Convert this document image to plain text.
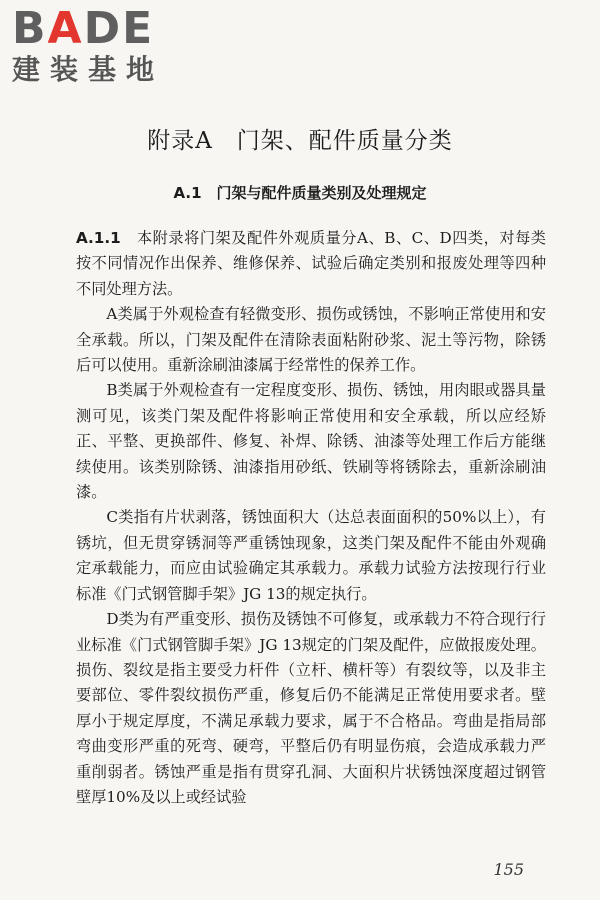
BADE
建装基地
附录A　门架、配件质量分类
A.1　门架与配件质量类别及处理规定

A.1.1　 本附录将门架及配件外观质量分A、B、C、D四类，对每类按不同情况作出保养、维修保养、试验后确定类别和报废处理等四种不同处理方法。

A类属于外观检查有轻微变形、损伤或锈蚀，不影响正常使用和安全承载。所以，门架及配件在清除表面粘附砂浆、泥土等污物，除锈后可以使用。重新涂刷油漆属于经常性的保养工作。

B类属于外观检查有一定程度变形、损伤、锈蚀，用肉眼或器具量测可见，该类门架及配件将影响正常使用和安全承载，所以应经矫正、平整、更换部件、修复、补焊、除锈、油漆等处理工作后方能继续使用。该类别除锈、油漆指用砂纸、铁刷等将锈除去，重新涂刷油漆。

C类指有片状剥落，锈蚀面积大（达总表面面积的50%以上），有锈坑，但无贯穿锈洞等严重锈蚀现象，这类门架及配件不能由外观确定承载能力，而应由试验确定其承载力。承载力试验方法按现行行业标准《门式钢管脚手架》JG 13的规定执行。

D类为有严重变形、损伤及锈蚀不可修复，或承载力不符合现行行业标准《门式钢管脚手架》JG 13规定的门架及配件，应做报废处理。损伤、裂纹是指主要受力杆件（立杆、横杆等）有裂纹等，以及非主要部位、零件裂纹损伤严重，修复后仍不能满足正常使用要求者。壁厚小于规定厚度，不满足承载力要求，属于不合格品。弯曲是指局部弯曲变形严重的死弯、硬弯，平整后仍有明显伤痕，会造成承载力严重削弱者。锈蚀严重是指有贯穿孔洞、大面积片状锈蚀深度超过钢管壁厚10%及以上或经试验

155
